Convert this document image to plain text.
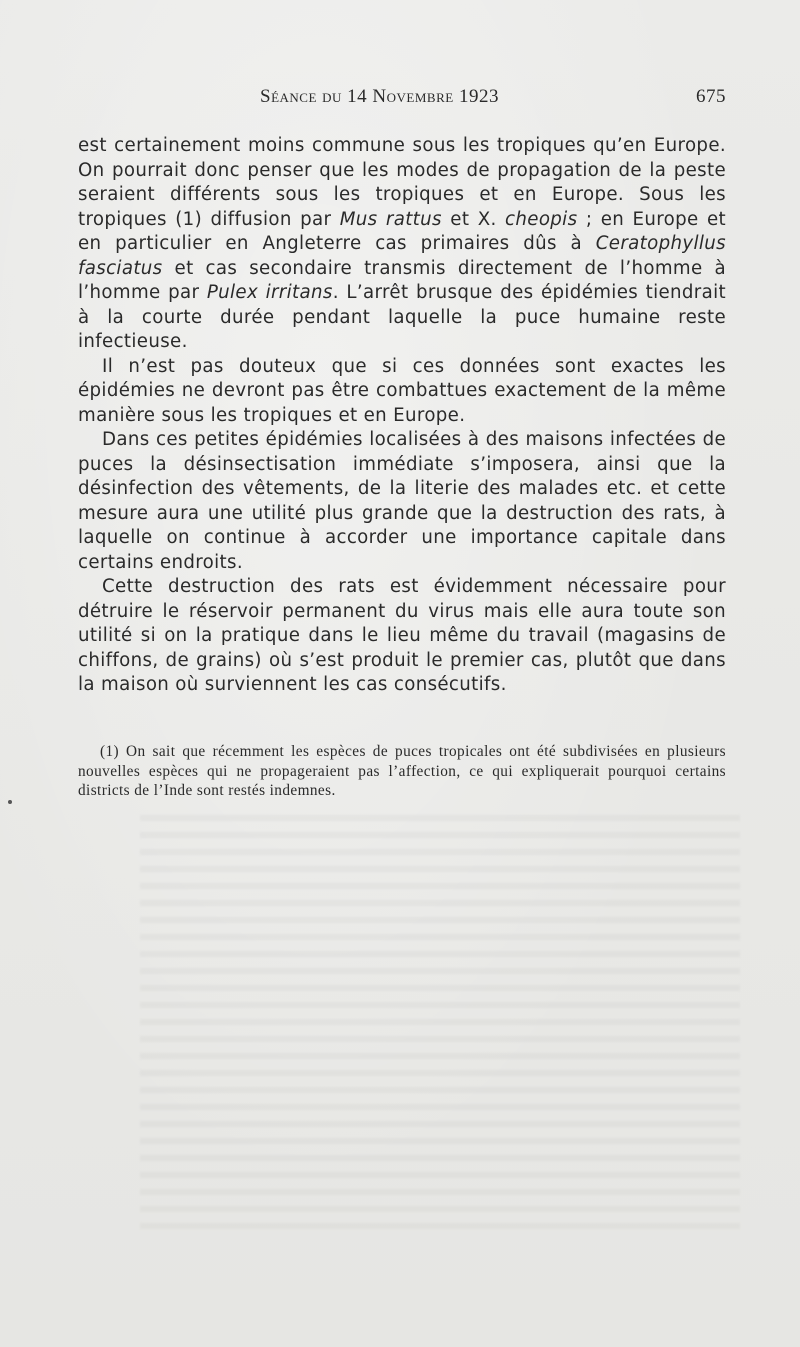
Séance du 14 Novembre 1923	675

est certainement moins commune sous les tropiques qu’en Europe. On pourrait donc penser que les modes de propagation de la peste seraient différents sous les tropiques et en Europe. Sous les tropiques (1) diffusion par Mus rattus et X. cheopis ; en Europe et en particulier en Angleterre cas primaires dûs à Ceratophyllus fasciatus et cas secondaire transmis directement de l’homme à l’homme par Pulex irritans. L’arrêt brusque des épidémies tiendrait à la courte durée pendant laquelle la puce humaine reste infectieuse.

Il n’est pas douteux que si ces données sont exactes les épidémies ne devront pas être combattues exactement de la même manière sous les tropiques et en Europe.

Dans ces petites épidémies localisées à des maisons infectées de puces la désinsectisation immédiate s’imposera, ainsi que la désinfection des vêtements, de la literie des malades etc. et cette mesure aura une utilité plus grande que la destruction des rats, à laquelle on continue à accorder une importance capitale dans certains endroits.

Cette destruction des rats est évidemment nécessaire pour détruire le réservoir permanent du virus mais elle aura toute son utilité si on la pratique dans le lieu même du travail (magasins de chiffons, de grains) où s’est produit le premier cas, plutôt que dans la maison où surviennent les cas consécutifs.

(1) On sait que récemment les espèces de puces tropicales ont été subdivisées en plusieurs nouvelles espèces qui ne propageraient pas l’affection, ce qui expliquerait pourquoi certains districts de l’Inde sont restés indemnes.
